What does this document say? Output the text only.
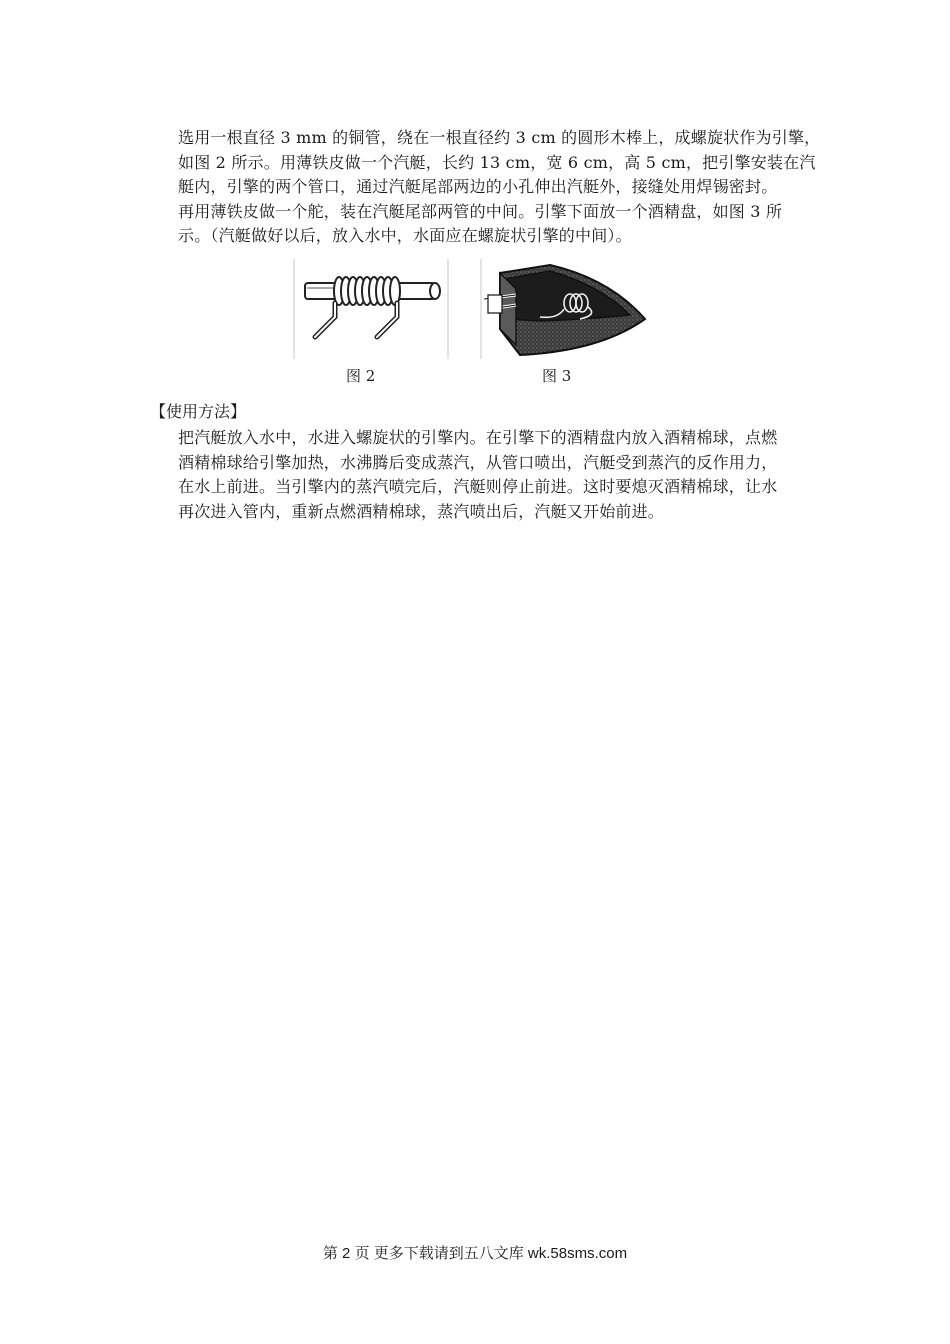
选用一根直径 3 mm 的铜管，绕在一根直径约 3 cm 的圆形木棒上，成螺旋状作为引擎，
如图 2 所示。用薄铁皮做一个汽艇，长约 13 cm，宽 6 cm，高 5 cm，把引擎安装在汽
艇内，引擎的两个管口，通过汽艇尾部两边的小孔伸出汽艇外，接缝处用焊锡密封。
再用薄铁皮做一个舵，装在汽艇尾部两管的中间。引擎下面放一个酒精盘，如图 3 所
示。（汽艇做好以后，放入水中，水面应在螺旋状引擎的中间）。
图 2	图 3
【使用方法】
把汽艇放入水中，水进入螺旋状的引擎内。在引擎下的酒精盘内放入酒精棉球，点燃
酒精棉球给引擎加热，水沸腾后变成蒸汽，从管口喷出，汽艇受到蒸汽的反作用力，
在水上前进。当引擎内的蒸汽喷完后，汽艇则停止前进。这时要熄灭酒精棉球，让水
再次进入管内，重新点燃酒精棉球，蒸汽喷出后，汽艇又开始前进。
第 2 页 更多下载请到五八文库 wk.58sms.com
